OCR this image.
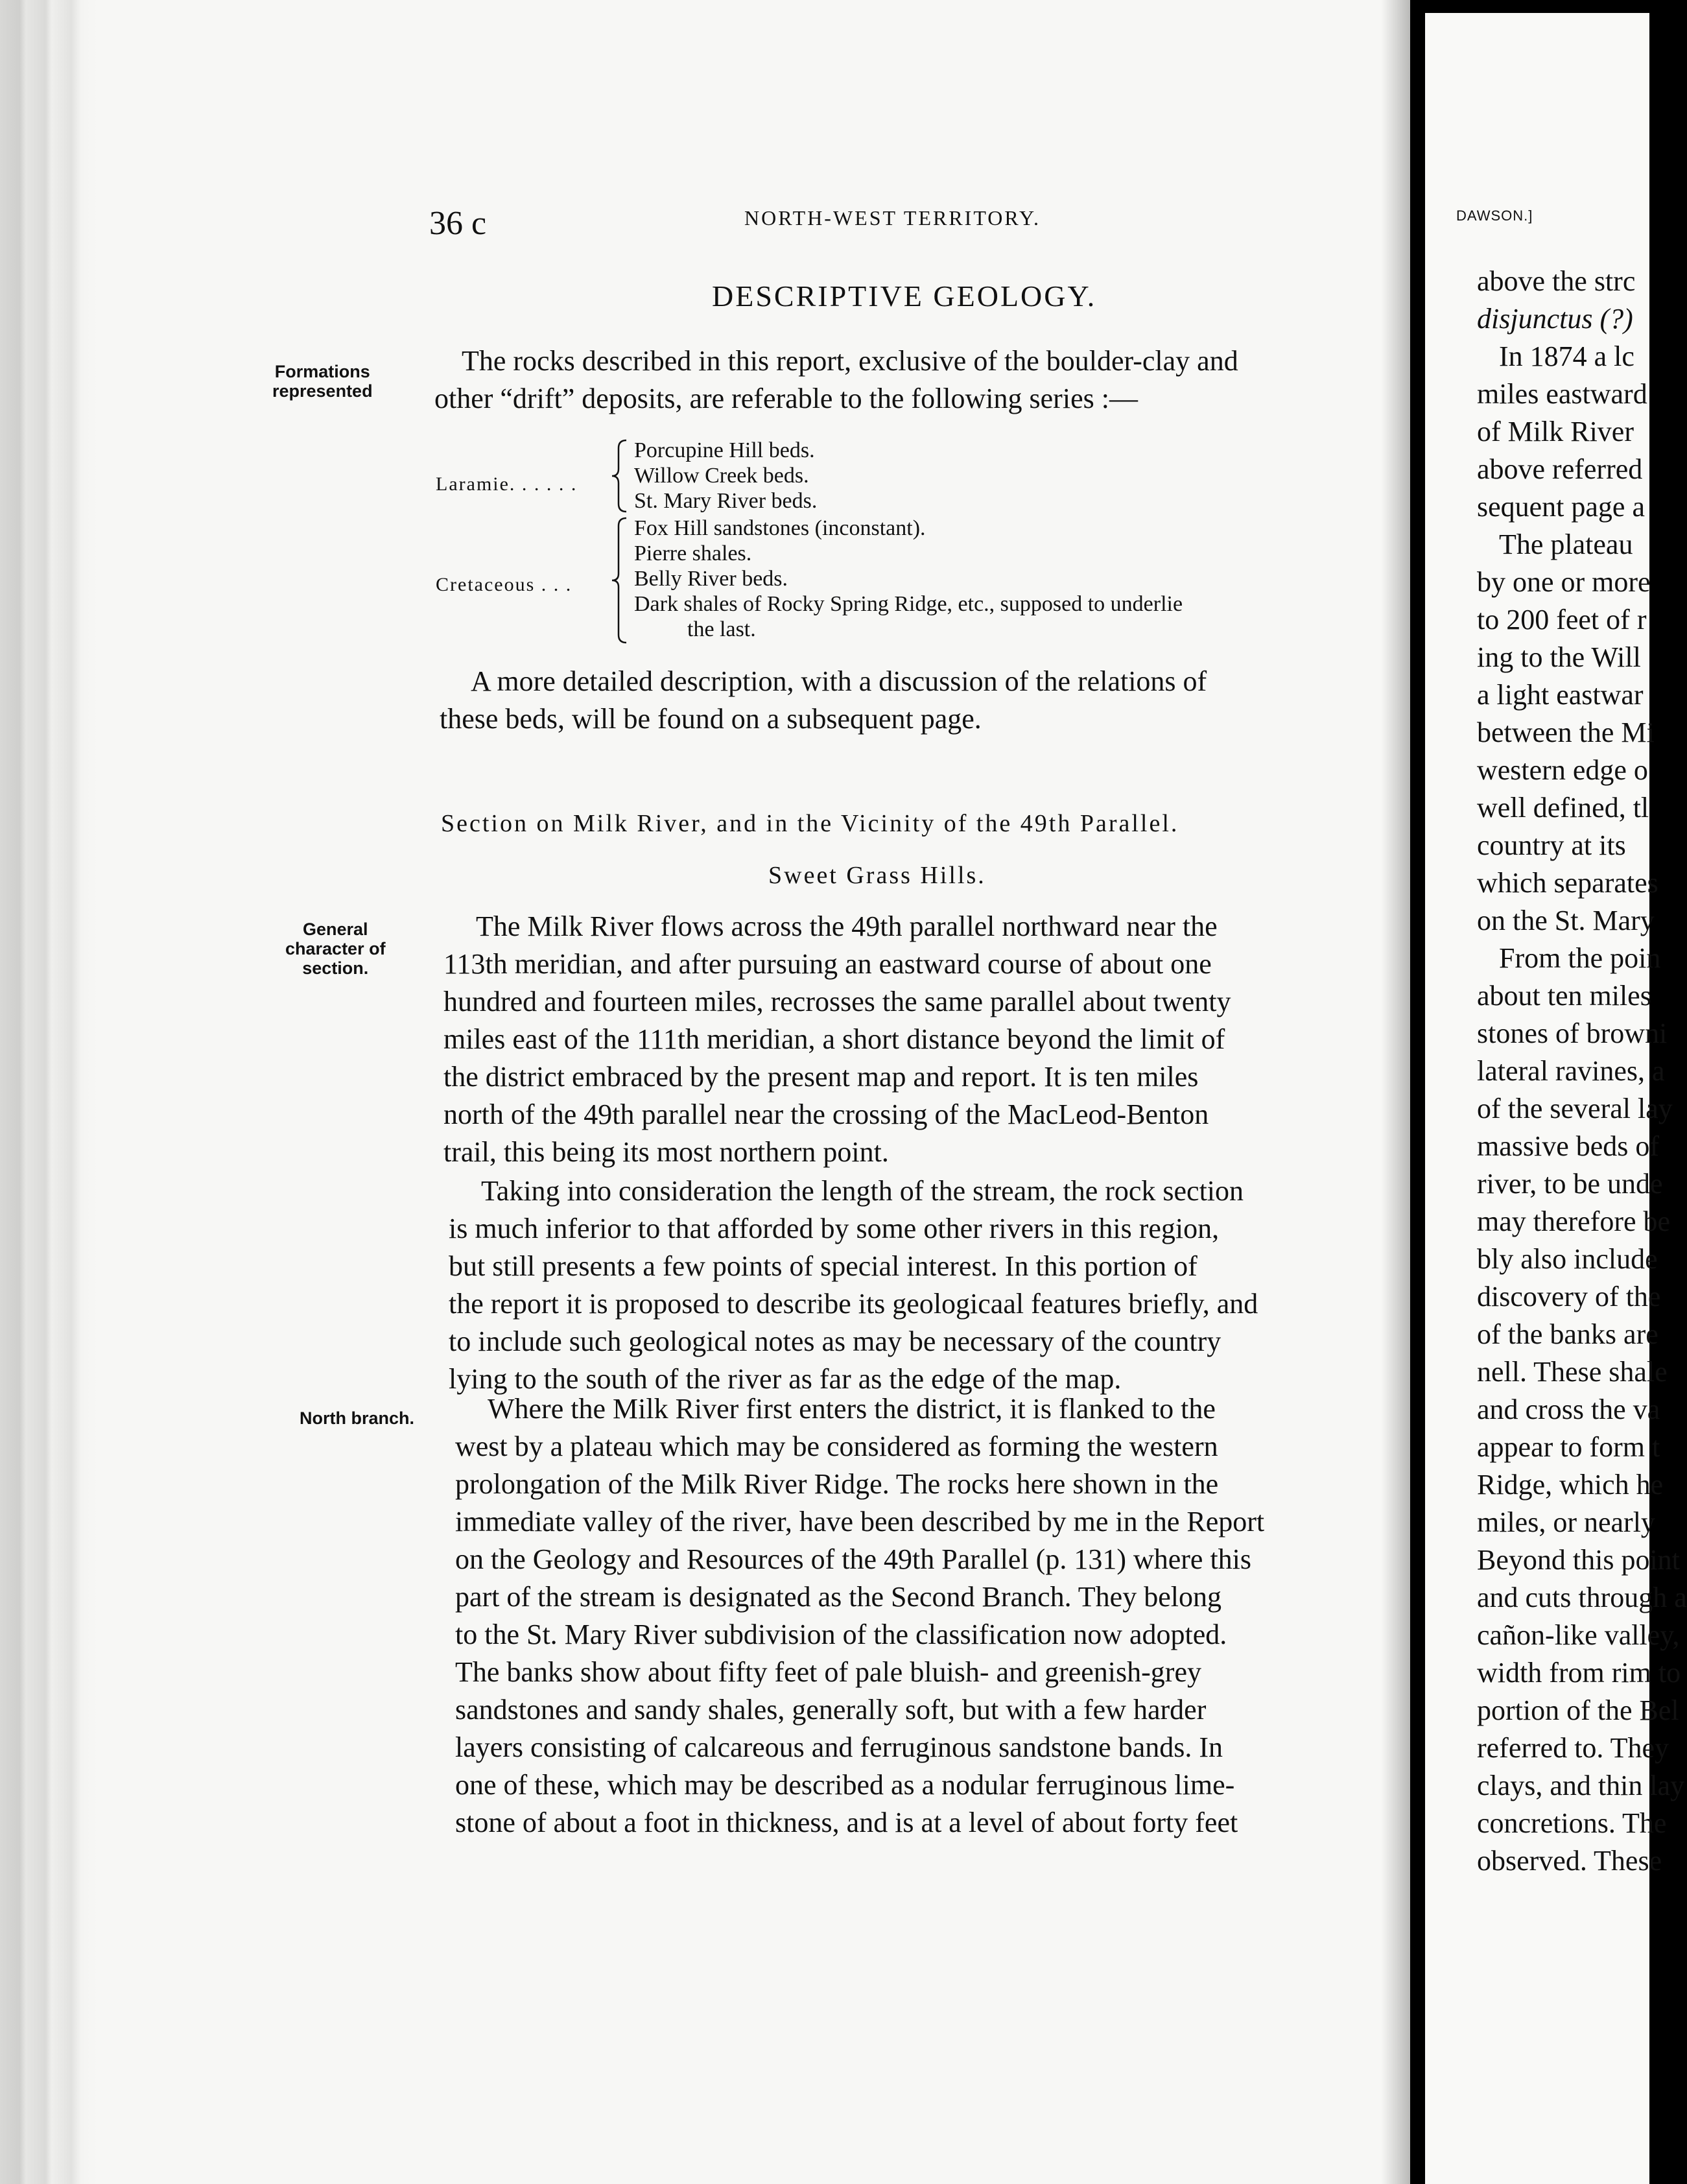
36 c	NORTH-WEST TERRITORY.
DESCRIPTIVE GEOLOGY.
Formations
represented
The rocks described in this report, exclusive of the boulder-clay and
other “drift” deposits, are referable to the following series :—
Laramie. . . . . .
Porcupine Hill beds.
Willow Creek beds.
St. Mary River beds.
Cretaceous . . .
Fox Hill sandstones (inconstant).
Pierre shales.
Belly River beds.
Dark shales of Rocky Spring Ridge, etc., supposed to underlie
the last.
A more detailed description, with a discussion of the relations of
these beds, will be found on a subsequent page.
Section on Milk River, and in the Vicinity of the 49th Parallel.
Sweet Grass Hills.
General
character of
section.
The Milk River flows across the 49th parallel northward near the
113th meridian, and after pursuing an eastward course of about one
hundred and fourteen miles, recrosses the same parallel about twenty
miles east of the 111th meridian, a short distance beyond the limit of
the district embraced by the present map and report. It is ten miles
north of the 49th parallel near the crossing of the MacLeod-Benton
trail, this being its most northern point.
Taking into consideration the length of the stream, the rock section
is much inferior to that afforded by some other rivers in this region,
but still presents a few points of special interest. In this portion of
the report it is proposed to describe its geologicaal features briefly, and
to include such geological notes as may be necessary of the country
lying to the south of the river as far as the edge of the map.
North branch.	Where the Milk River first enters the district, it is flanked to the
west by a plateau which may be considered as forming the western
prolongation of the Milk River Ridge. The rocks here shown in the
immediate valley of the river, have been described by me in the Report
on the Geology and Resources of the 49th Parallel (p. 131) where this
part of the stream is designated as the Second Branch. They belong
to the St. Mary River subdivision of the classification now adopted.
The banks show about fifty feet of pale bluish- and greenish-grey
sandstones and sandy shales, generally soft, but with a few harder
layers consisting of calcareous and ferruginous sandstone bands. In
one of these, which may be described as a nodular ferruginous lime-
stone of about a foot in thickness, and is at a level of about forty feet
DAWSON.]
above the strc
disjunctus (?)
In 1874 a lc
miles eastward
of Milk River
above referred
sequent page a
The plateau
by one or more
to 200 feet of r
ing to the Will
a light eastwar
between the Mi
western edge o
well defined, tl
country at its
which separates
on the St. Mary
From the poin
about ten miles
stones of browni
lateral ravines, a
of the several lay
massive beds of
river, to be unde
may therefore be
bly also include
discovery of the
of the banks are
nell. These shale
and cross the va
appear to form t
Ridge, which he
miles, or nearly
Beyond this point
and cuts through a
cañon-like valley,
width from rim to
portion of the Bel
referred to. They
clays, and thin lay
concretions. The
observed. These
